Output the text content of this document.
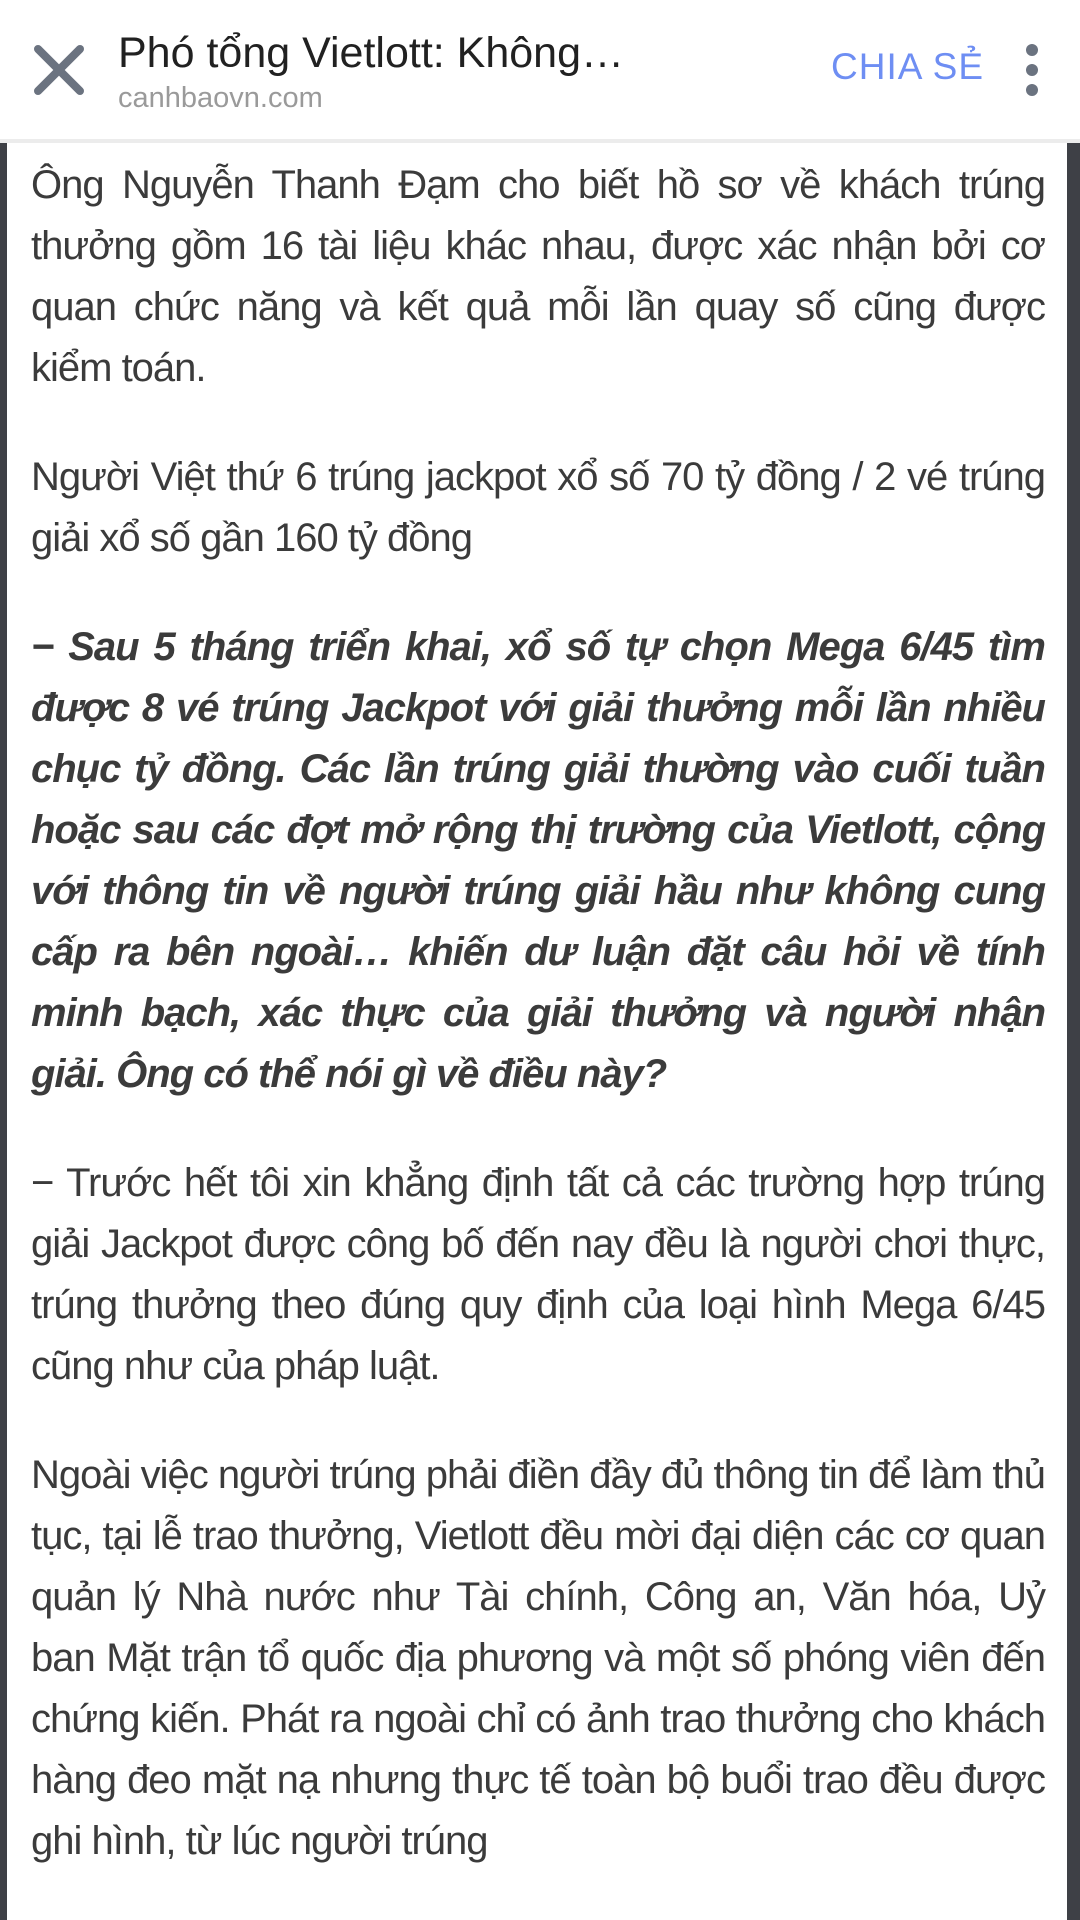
Phó tổng Vietlott: Không…
canhbaovn.com
CHIA SẺ

Ông Nguyễn Thanh Đạm cho biết hồ sơ về khách trúng thưởng gồm 16 tài liệu khác nhau, được xác nhận bởi cơ quan chức năng và kết quả mỗi lần quay số cũng được kiểm toán.

Người Việt thứ 6 trúng jackpot xổ số 70 tỷ đồng / 2 vé trúng giải xổ số gần 160 tỷ đồng

− Sau 5 tháng triển khai, xổ số tự chọn Mega 6/45 tìm được 8 vé trúng Jackpot với giải thưởng mỗi lần nhiều chục tỷ đồng. Các lần trúng giải thường vào cuối tuần hoặc sau các đợt mở rộng thị trường của Vietlott, cộng với thông tin về người trúng giải hầu như không cung cấp ra bên ngoài… khiến dư luận đặt câu hỏi về tính minh bạch, xác thực của giải thưởng và người nhận giải. Ông có thể nói gì về điều này?

− Trước hết tôi xin khẳng định tất cả các trường hợp trúng giải Jackpot được công bố đến nay đều là người chơi thực, trúng thưởng theo đúng quy định của loại hình Mega 6/45 cũng như của pháp luật.

Ngoài việc người trúng phải điền đầy đủ thông tin để làm thủ tục, tại lễ trao thưởng, Vietlott đều mời đại diện các cơ quan quản lý Nhà nước như Tài chính, Công an, Văn hóa, Uỷ ban Mặt trận tổ quốc địa phương và một số phóng viên đến chứng kiến. Phát ra ngoài chỉ có ảnh trao thưởng cho khách hàng đeo mặt nạ nhưng thực tế toàn bộ buổi trao đều được ghi hình, từ lúc người trúng
